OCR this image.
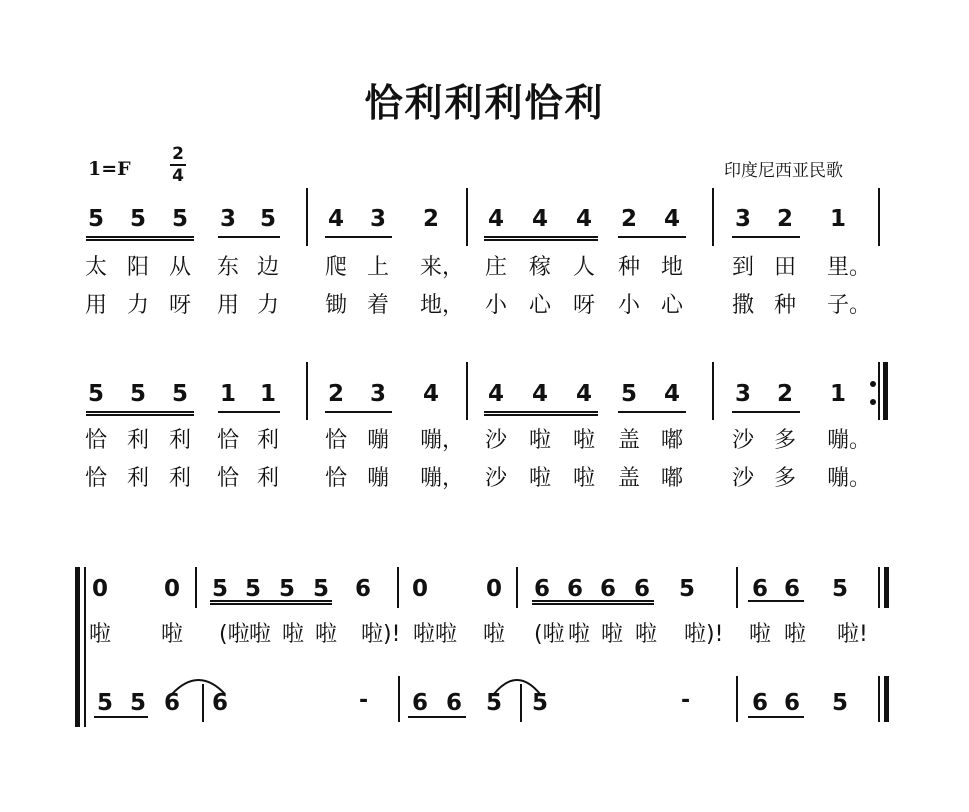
恰利利利恰利
1=F
2
4	印度尼西亚民歌
5 5 5 3 5 4 3 2 4 4 4 2 4 3 2 1
太 阳 从 东 边 爬 上 来， 庄 稼 人 种 地 到 田 里。
用 力 呀 用 力 锄 着 地， 小 心 呀 小 心 撒 种 子。
5 5 5 1 1 2 3 4 4 4 4 5 4 3 2 1
恰 利 利 恰 利 恰 嘣 嘣， 沙 啦 啦 盖 嘟 沙 多 嘣。
恰 利 利 恰 利 恰 嘣 嘣， 沙 啦 啦 盖 嘟 沙 多 嘣。
0 0 5 5 5 5 6 0	0 6 6 6 6 5 6 6 5
啦 啦 (啦 啦 啦 啦 啦)! 啦啦 啦 (啦 啦 啦 啦 啦)! 啦 啦 啦!
5 5 6 6	- 6 6 5 5	-	6 6 5
